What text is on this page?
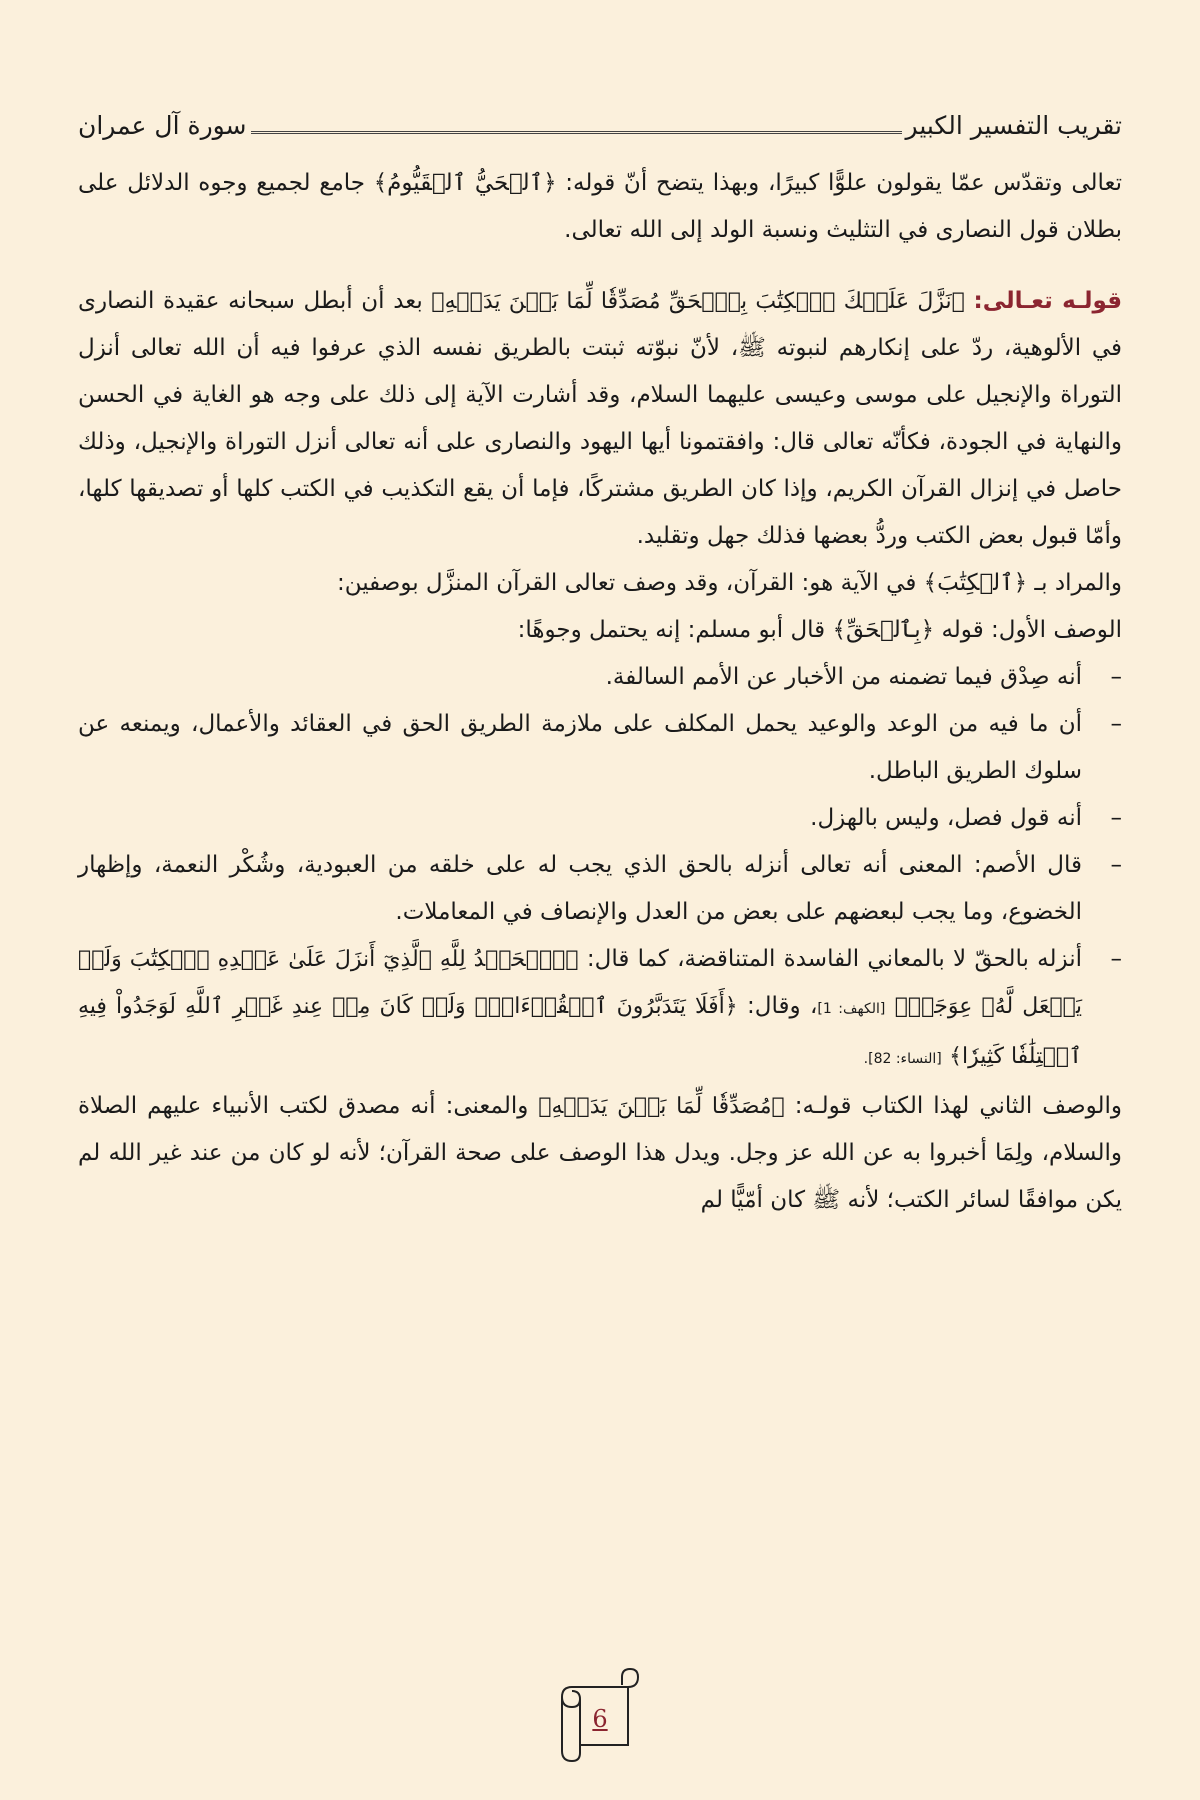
تقريب التفسير الكبير
سورة آل عمران

تعالى وتقدّس عمّا يقولون علوًّا كبيرًا، وبهذا يتضح أنّ قوله: ﴿ٱلۡحَيُّ ٱلۡقَيُّومُ﴾ جامع لجميع وجوه الدلائل على بطلان قول النصارى في التثليث ونسبة الولد إلى الله تعالى.

قولـه تعـالى: ﴿نَزَّلَ عَلَيۡكَ ٱلۡكِتَٰبَ بِٱلۡحَقِّ مُصَدِّقٗا لِّمَا بَيۡنَ يَدَيۡهِ﴾ بعد أن أبطل سبحانه عقيدة النصارى في الألوهية، ردّ على إنكارهم لنبوته ﷺ، لأنّ نبوّته ثبتت بالطريق نفسه الذي عرفوا فيه أن الله تعالى أنزل التوراة والإنجيل على موسى وعيسى عليهما السلام، وقد أشارت الآية إلى ذلك على وجه هو الغاية في الحسن والنهاية في الجودة، فكأنّه تعالى قال: وافقتمونا أيها اليهود والنصارى على أنه تعالى أنزل التوراة والإنجيل، وذلك حاصل في إنزال القرآن الكريم، وإذا كان الطريق مشتركًا، فإما أن يقع التكذيب في الكتب كلها أو تصديقها كلها، وأمّا قبول بعض الكتب وردُّ بعضها فذلك جهل وتقليد.

والمراد بـ ﴿ٱلۡكِتَٰبَ﴾ في الآية هو: القرآن، وقد وصف تعالى القرآن المنزَّل بوصفين:

الوصف الأول: قوله ﴿بِٱلۡحَقِّ﴾ قال أبو مسلم: إنه يحتمل وجوهًا:

–
أنه صِدْق فيما تضمنه من الأخبار عن الأمم السالفة.

–
أن ما فيه من الوعد والوعيد يحمل المكلف على ملازمة الطريق الحق في العقائد والأعمال، ويمنعه عن سلوك الطريق الباطل.

–
أنه قول فصل، وليس بالهزل.

–
قال الأصم: المعنى أنه تعالى أنزله بالحق الذي يجب له على خلقه من العبودية، وشُكْر النعمة، وإظهار الخضوع، وما يجب لبعضهم على بعض من العدل والإنصاف في المعاملات.

–
أنزله بالحقّ لا بالمعاني الفاسدة المتناقضة، كما قال: ﴿ٱلۡحَمۡدُ لِلَّهِ ٱلَّذِيٓ أَنزَلَ عَلَىٰ عَبۡدِهِ ٱلۡكِتَٰبَ وَلَمۡ يَجۡعَل لَّهُۥ عِوَجَاۜ﴾ [الكهف: 1]، وقال: ﴿أَفَلَا يَتَدَبَّرُونَ ٱلۡقُرۡءَانَۚ وَلَوۡ كَانَ مِنۡ عِندِ غَيۡرِ ٱللَّهِ لَوَجَدُواْ فِيهِ ٱخۡتِلَٰفٗا كَثِيرٗا﴾ [النساء: 82].

والوصف الثاني لهذا الكتاب قولـه: ﴿مُصَدِّقٗا لِّمَا بَيۡنَ يَدَيۡهِ﴾ والمعنى: أنه مصدق لكتب الأنبياء عليهم الصلاة والسلام، ولِمَا أخبروا به عن الله عز وجل. ويدل هذا الوصف على صحة القرآن؛ لأنه لو كان من عند غير الله لم يكن موافقًا لسائر الكتب؛ لأنه ﷺ كان أمّيًّا لم

6
